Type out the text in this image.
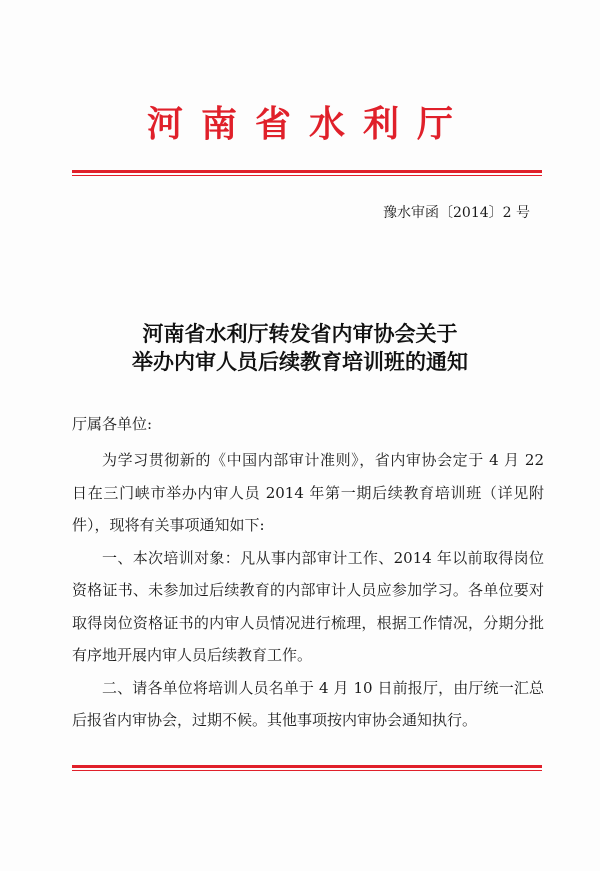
河南省水利厅
豫水审函〔2014〕2 号
河南省水利厅转发省内审协会关于
举办内审人员后续教育培训班的通知
厅属各单位:

为学习贯彻新的《中国内部审计准则》，省内审协会定于 4 月 22 日在三门峡市举办内审人员 2014 年第一期后续教育培训班（详见附件），现将有关事项通知如下:

一、本次培训对象：凡从事内部审计工作、2014 年以前取得岗位资格证书、未参加过后续教育的内部审计人员应参加学习。各单位要对取得岗位资格证书的内审人员情况进行梳理，根据工作情况，分期分批有序地开展内审人员后续教育工作。

二、请各单位将培训人员名单于 4 月 10 日前报厅，由厅统一汇总后报省内审协会，过期不候。其他事项按内审协会通知执行。
